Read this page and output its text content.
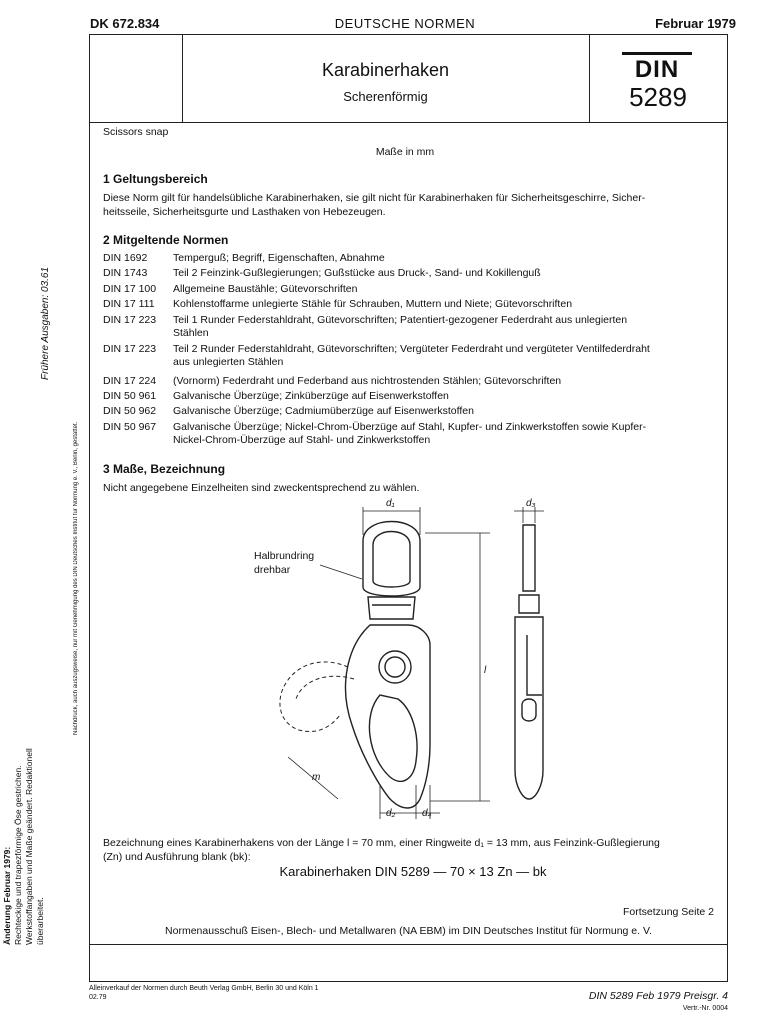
DK 672.834	DEUTSCHE NORMEN	Februar 1979
Karabinerhaken
Scherenförmig
DIN
5289
Scissors snap
Maße in mm
1 Geltungsbereich
Diese Norm gilt für handelsübliche Karabinerhaken, sie gilt nicht für Karabinerhaken für Sicherheitsgeschirre, Sicher-
heitsseile, Sicherheitsgurte und Lasthaken von Hebezeugen.
2 Mitgeltende Normen
DIN 1692	Temperguß; Begriff, Eigenschaften, Abnahme
DIN 1743	Teil 2 Feinzink-Gußlegierungen; Gußstücke aus Druck-, Sand- und Kokillenguß
DIN 17 100	Allgemeine Baustähle; Gütevorschriften
DIN 17 111	Kohlenstoffarme unlegierte Stähle für Schrauben, Muttern und Niete; Gütevorschriften
DIN 17 223	Teil 1 Runder Federstahldraht, Gütevorschriften; Patentiert-gezogener Federdraht aus unlegierten
Stählen
DIN 17 223	Teil 2 Runder Federstahldraht, Gütevorschriften; Vergüteter Federdraht und vergüteter Ventilfederdraht
aus unlegierten Stählen
DIN 17 224	(Vornorm) Federdraht und Federband aus nichtrostenden Stählen; Gütevorschriften
DIN 50 961	Galvanische Überzüge; Zinküberzüge auf Eisenwerkstoffen
DIN 50 962	Galvanische Überzüge; Cadmiumüberzüge auf Eisenwerkstoffen
DIN 50 967	Galvanische Überzüge; Nickel-Chrom-Überzüge auf Stahl, Kupfer- und Zinkwerkstoffen sowie Kupfer-
Nickel-Chrom-Überzüge auf Stahl- und Zinkwerkstoffen
3 Maße, Bezeichnung
Nicht angegebene Einzelheiten sind zweckentsprechend zu wählen.
d₁	d₃
l
d₂	d₄
m
Halbrundring
drehbar
Bezeichnung eines Karabinerhakens von der Länge l = 70 mm, einer Ringweite d₁ = 13 mm, aus Feinzink-Gußlegierung
(Zn) und Ausführung blank (bk):
Karabinerhaken DIN 5289 — 70 × 13 Zn — bk
Fortsetzung Seite 2
Normenausschuß Eisen-, Blech- und Metallwaren (NA EBM) im DIN Deutsches Institut für Normung e. V.
Alleinverkauf der Normen durch Beuth Verlag GmbH, Berlin 30 und Köln 1
02.79	DIN 5289 Feb 1979 Preisgr. 4
Vertr.-Nr. 0004
Frühere Ausgaben: 03.61
Nachdruck, auch auszugsweise, nur mit Genehmigung des DIN Deutsches Institut für Normung e. V., Berlin, gestattet.
Änderung Februar 1979: Rechteckige und trapezförmige Öse gestrichen. Werkstoffangaben und Maße geändert. Redaktionell überarbeitet.
